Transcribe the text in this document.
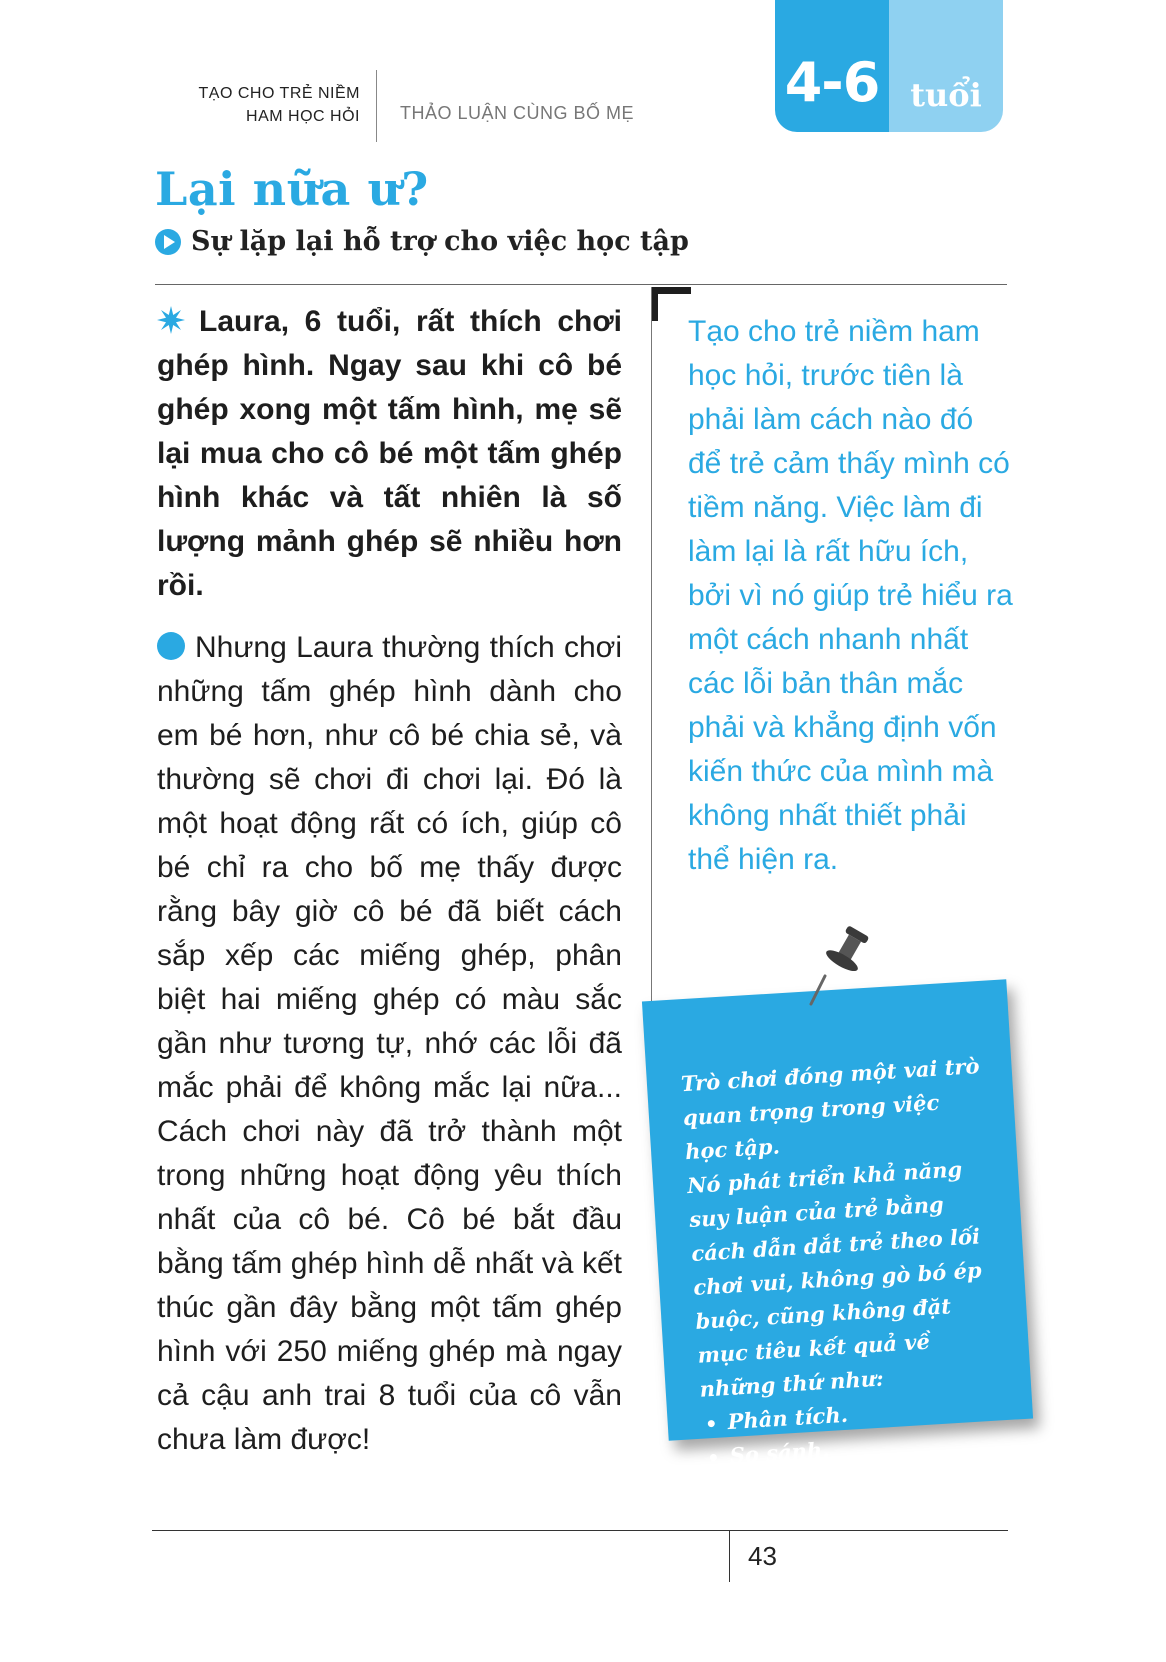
TẠO CHO TRẺ NIỀM
HAM HỌC HỎI THẢO LUẬN CÙNG BỐ MẸ	4-6 tuổi
Lại nữa ư?
Sự lặp lại hỗ trợ cho việc học tập

Laura, 6 tuổi, rất thích chơi ghép hình. Ngay sau khi cô bé ghép xong một tấm hình, mẹ sẽ lại mua cho cô bé một tấm ghép hình khác và tất nhiên là số lượng mảnh ghép sẽ nhiều hơn rồi.

Nhưng Laura thường thích chơi những tấm ghép hình dành cho em bé hơn, như cô bé chia sẻ, và thường sẽ chơi đi chơi lại. Đó là một hoạt động rất có ích, giúp cô bé chỉ ra cho bố mẹ thấy được rằng bây giờ cô bé đã biết cách sắp xếp các miếng ghép, phân biệt hai miếng ghép có màu sắc gần như tương tự, nhớ các lỗi đã mắc phải để không mắc lại nữa... Cách chơi này đã trở thành một trong những hoạt động yêu thích nhất của cô bé. Cô bé bắt đầu bằng tấm ghép hình dễ nhất và kết thúc gần đây bằng một tấm ghép hình với 250 miếng ghép mà ngay cả cậu anh trai 8 tuổi của cô vẫn chưa làm được!

Tạo cho trẻ niềm ham học hỏi, trước tiên là phải làm cách nào đó để trẻ cảm thấy mình có tiềm năng. Việc làm đi làm lại là rất hữu ích, bởi vì nó giúp trẻ hiểu ra một cách nhanh nhất các lỗi bản thân mắc phải và khẳng định vốn kiến thức của mình mà không nhất thiết phải thể hiện ra.

Trò chơi đóng một vai trò quan trọng trong việc học tập.

Nó phát triển khả năng suy luận của trẻ bằng cách dẫn dắt trẻ theo lối chơi vui, không gò bó ép buộc, cũng không đặt mục tiêu kết quả về những thứ như:

• Phân tích.
• So sánh.
• Nêu ra các giả thiết.
43
